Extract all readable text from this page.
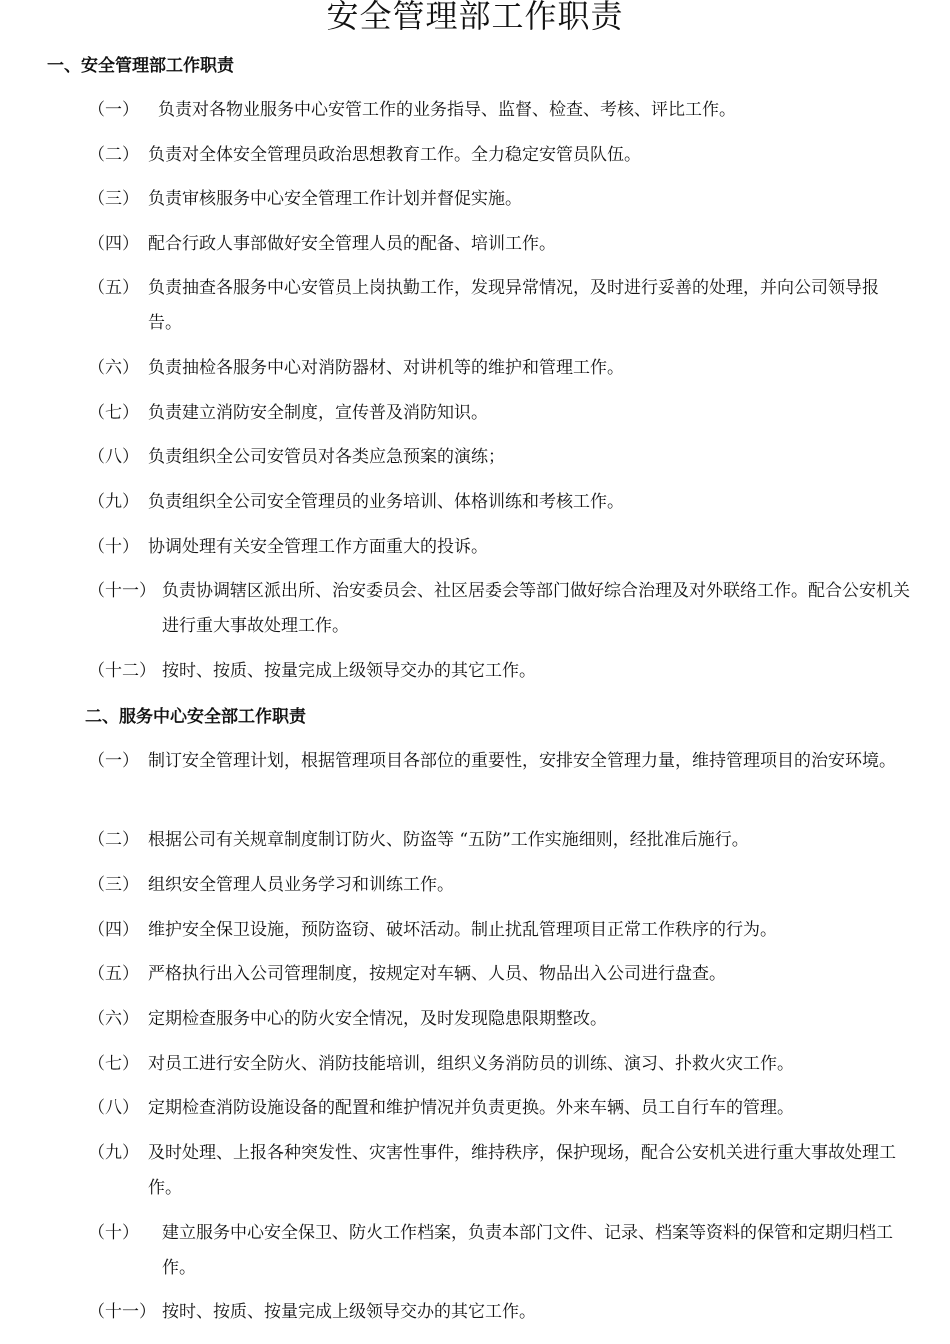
安全管理部工作职责
一、安全管理部工作职责
（一）	负责对各物业服务中心安管工作的业务指导、监督、检查、考核、评比工作。
（二） 负责对全体安全管理员政治思想教育工作。全力稳定安管员队伍。
（三） 负责审核服务中心安全管理工作计划并督促实施。
（四） 配合行政人事部做好安全管理人员的配备、培训工作。
（五） 负责抽查各服务中心安管员上岗执勤工作，发现异常情况，及时进行妥善的处理，并向公司领导报告。
（六） 负责抽检各服务中心对消防器材、对讲机等的维护和管理工作。
（七） 负责建立消防安全制度，宣传普及消防知识。
（八） 负责组织全公司安管员对各类应急预案的演练；
（九） 负责组织全公司安全管理员的业务培训、体格训练和考核工作。
（十） 协调处理有关安全管理工作方面重大的投诉。
（十一） 负责协调辖区派出所、治安委员会、社区居委会等部门做好综合治理及对外联络工作。配合公安机关进行重大事故处理工作。
（十二） 按时、按质、按量完成上级领导交办的其它工作。
二、服务中心安全部工作职责
（一） 制订安全管理计划，根据管理项目各部位的重要性，安排安全管理力量，维持管理项目的治安环境。
（二） 根据公司有关规章制度制订防火、防盗等 “五防”工作实施细则，经批准后施行。
（三） 组织安全管理人员业务学习和训练工作。
（四） 维护安全保卫设施，预防盗窃、破坏活动。制止扰乱管理项目正常工作秩序的行为。
（五） 严格执行出入公司管理制度，按规定对车辆、人员、物品出入公司进行盘查。
（六） 定期检查服务中心的防火安全情况，及时发现隐患限期整改。
（七） 对员工进行安全防火、消防技能培训，组织义务消防员的训练、演习、扑救火灾工作。
（八） 定期检查消防设施设备的配置和维护情况并负责更换。外来车辆、员工自行车的管理。
（九） 及时处理、上报各种突发性、灾害性事件，维持秩序，保护现场，配合公安机关进行重大事故处理工作。
（十）	建立服务中心安全保卫、防火工作档案，负责本部门文件、记录、档案等资料的保管和定期归档工作。
（十一） 按时、按质、按量完成上级领导交办的其它工作。
